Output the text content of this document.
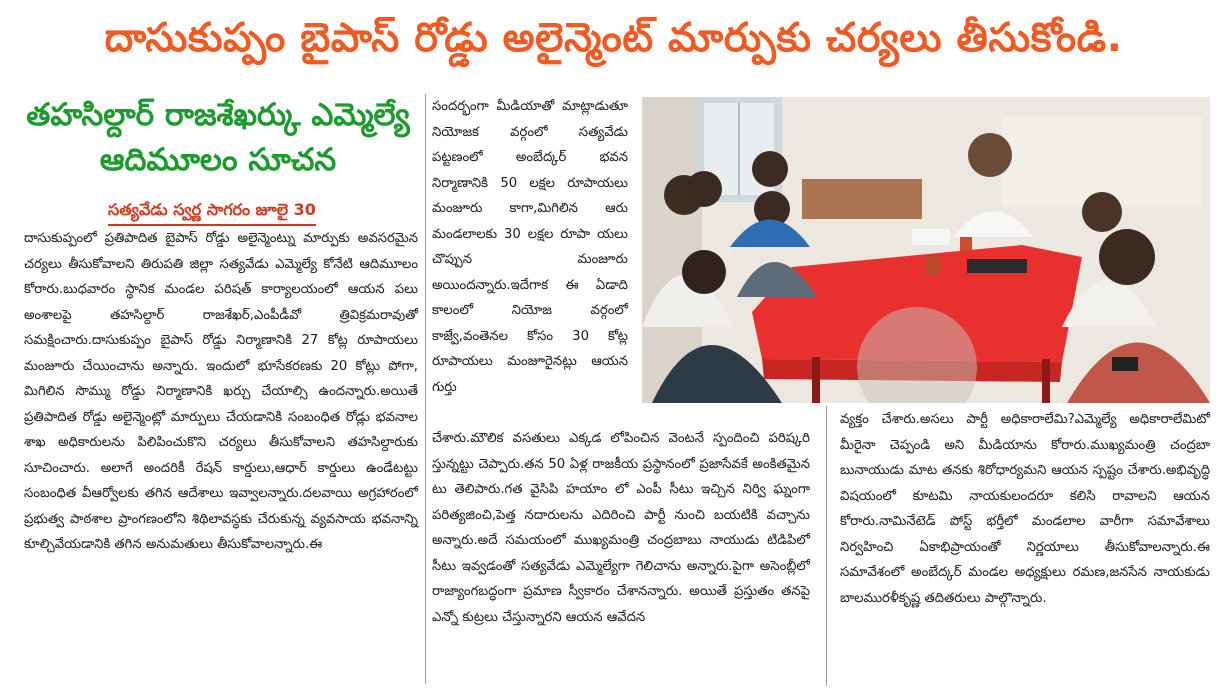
దాసుకుప్పం బైపాస్ రోడ్డు అలైన్మెంట్ మార్పుకు చర్యలు తీసుకోండి.
తహసిల్దార్ రాజశేఖర్కు ఎమ్మెల్యే
ఆదిమూలం సూచన
సత్యవేడు స్వర్ణ సాగరం జూలై 30
దాసుకుప్పంలో ప్రతిపాదిత బైపాస్ రోడ్డు అలైన్మెంట్ను మార్పుకు అవసరమైన చర్యలు తీసుకోవాలని తిరుపతి జిల్లా సత్యవేడు ఎమ్మెల్యే కోనేటి ఆదిమూలం కోరారు.బుధవారం స్థానిక మండల పరిషత్ కార్యాలయంలో ఆయన పలు అంశాలపై తహసిల్దార్ రాజశేఖర్,ఎంపీడీవో త్రివిక్రమరావుతో సమక్షించారు.దాసుకుప్పం బైపాస్ రోడ్డు నిర్మాణానికి 27 కోట్ల రూపాయలు మంజూరు చేయించాను అన్నారు. ఇందులో భూసేకరణకు 20 కోట్లు పోగా, మిగిలిన సొమ్ము రోడ్డు నిర్మాణానికి ఖర్చు చేయాల్సి ఉందన్నారు.అయితే ప్రతిపాదిత రోడ్డు అలైన్మెంట్లో మార్పులు చేయడానికి సంబంధిత రోడ్లు భవనాల శాఖ అధికారులను పిలిపించుకొని చర్యలు తీసుకోవాలని తహసిల్దారుకు సూచించారు. అలాగే అందరికీ రేషన్ కార్డులు,ఆధార్ కార్డులు ఉండేటట్టు సంబంధిత వీఆర్వోలకు తగిన ఆదేశాలు ఇవ్వాలన్నారు.దలవాయి అగ్రహారంలో ప్రభుత్వ పాఠశాల ప్రాంగణంలోని శిథిలావస్థకు చేరుకున్న వ్యవసాయ భవనాన్ని కూల్చివేయడానికి తగిన అనుమతులు తీసుకోవాలన్నారు.ఈ
సందర్భంగా మీడియాతో మాట్లాడుతూ నియోజక వర్గంలో సత్యవేడు పట్టణంలో అంబేద్కర్ భవన నిర్మాణానికి 50 లక్షల రూపాయలు మంజూరు కాగా,మిగిలిన ఆరు మండలాలకు 30 లక్షల రూపా యలు చొప్పున మంజూరు అయిందన్నారు.ఇదేగాక ఈ ఏడాది కాలంలో నియోజ వర్గంలో కాజ్వే,వంతెనల కోసం 30 కోట్ల రూపాయలు మంజూరైనట్లు ఆయన గుర్తు
చేశారు.మౌలిక వసతులు ఎక్కడ లోపించిన వెంటనే స్పందించి పరిష్కరి స్తున్నట్టు చెప్పారు.తన 50 ఏళ్ల రాజకీయ ప్రస్థానంలో ప్రజాసేవకే అంకితమైన టు తెలిపారు.గత వైసిపి హయాం లో ఎంపీ సీటు ఇచ్చిన నిర్వి ఘ్నంగా పరిత్యజించి,పెత్త నదారులను ఎదిరించి పార్టీ నుంచి బయటికి వచ్చాను అన్నారు.అదే సమయంలో ముఖ్యమంత్రి చంద్రబాబు నాయుడు టిడిపిలో సీటు ఇవ్వడంతో సత్యవేడు ఎమ్మెల్యేగా గెలిచాను అన్నారు.పైగా అసెంబ్లీలో రాజ్యాంగబద్ధంగా ప్రమాణ స్వీకారం చేశానన్నారు. అయితే ప్రస్తుతం తనపై ఎన్నో కుట్రలు చేస్తున్నారని ఆయన ఆవేదన
వ్యక్తం చేశారు.అసలు పార్టీ అధికారాలేమి?ఎమ్మెల్యే అధికారాలేమిటో మీరైనా చెప్పండి అని మీడియాను కోరారు.ముఖ్యమంత్రి చంద్రబా బునాయుడు మాట తనకు శిరోధార్యమని ఆయన స్పష్టం చేశారు.అభివృద్ధి విషయంలో కూటమి నాయకులందరూ కలిసి రావాలని ఆయన కోరారు.నామినేటెడ్ పోస్ట్ భర్తీలో మండలాల వారీగా సమావేశాలు నిర్వహించి ఏకాభిప్రాయంతో నిర్ణయాలు తీసుకోవాలన్నారు.ఈ సమావేశంలో అంబేద్కర్ మండల అధ్యక్షులు రమణ,జనసేన నాయకుడు బాలమురళీకృష్ణ తదితరులు పాల్గొన్నారు.
